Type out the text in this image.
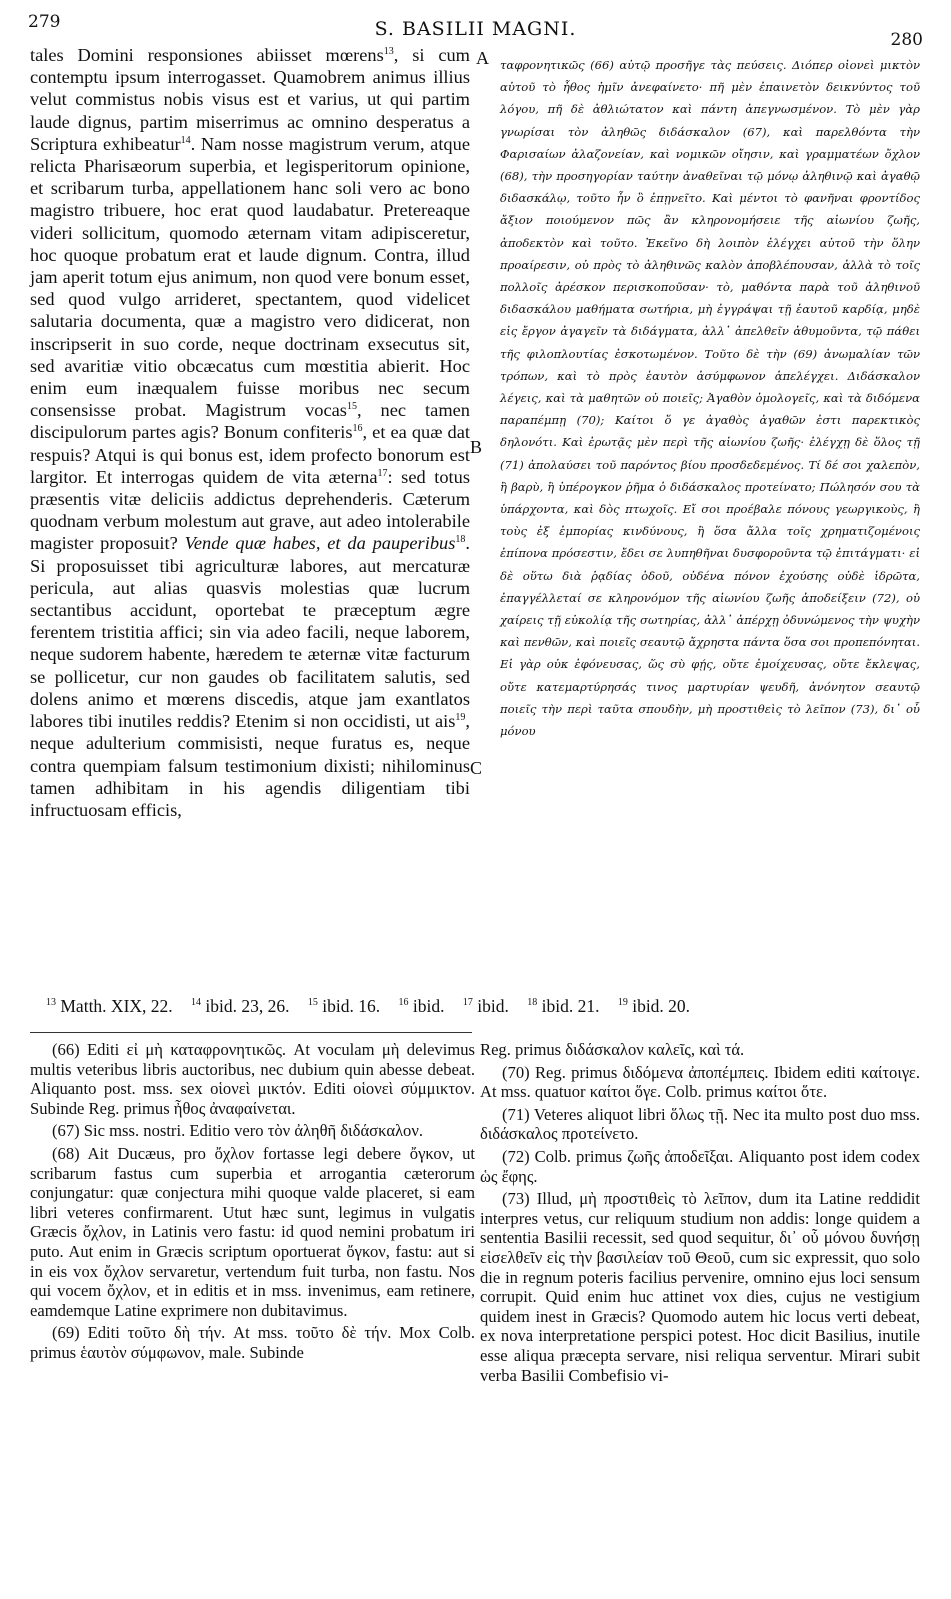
279	S. BASILII MAGNI.	280

tales Domini responsiones abiisset mœrens$^{13}$, si cum contemptu ipsum interrogasset. Quamobrem animus illius velut commistus nobis visus est et varius, ut qui partim laude dignus, partim miserrimus ac omnino desperatus a Scriptura exhibeatur$^{14}$. Nam nosse magistrum verum, atque relicta Pharisæorum superbia, et legisperitorum opinione, et scribarum turba, appellationem hanc soli vero ac bono magistro tribuere, hoc erat quod laudabatur. Pretereaque videri sollicitum, quomodo æternam vitam adipisceretur, hoc quoque probatum erat et laude dignum. Contra, illud jam aperit totum ejus animum, non quod vere bonum esset, sed quod vulgo arrideret, spectantem, quod videlicet salutaria documenta, quæ a magistro vero didicerat, non inscripserit in suo corde, neque doctrinam exsecutus sit, sed avaritiæ vitio obcæcatus cum mœstitia abierit. Hoc enim eum inæqualem fuisse moribus nec secum consensisse probat. Magistrum vocas$^{15}$, nec tamen discipulorum partes agis? Bonum confiteris$^{16}$, et ea quæ dat respuis? Atqui is qui bonus est, idem profecto bonorum est largitor. Et interrogas quidem de vita æterna$^{17}$: sed totus præsentis vitæ deliciis addictus deprehenderis. Cæterum quodnam verbum molestum aut grave, aut adeo intolerabile magister proposuit? Vende quæ habes, et da pauperibus$^{18}$. Si proposuisset tibi agriculturæ labores, aut mercaturæ pericula, aut alias quasvis molestias quæ lucrum sectantibus accidunt, oportebat te præceptum ægre ferentem tristitia affici; sin via adeo facili, neque laborem, neque sudorem habente, hæredem te æternæ vitæ facturum se pollicetur, cur non gaudes ob facilitatem salutis, sed dolens animo et mœrens discedis, atque jam exantlatos labores tibi inutiles reddis? Etenim si non occidisti, ut ais$^{19}$, neque adulterium commisisti, neque furatus es, neque contra quempiam falsum testimonium dixisti; nihilominus tamen adhibitam in his agendis diligentiam tibi infructuosam efficis,

A
B
C

ταφρονητικῶς (66) αὐτῷ προσῆγε τὰς πεύσεις. Διόπερ οἱονεὶ μικτὸν αὐτοῦ τὸ ἦθος ἡμῖν ἀνεφαίνετο· πῆ μὲν ἐπαινετὸν δεικνύντος τοῦ λόγου, πῆ δὲ ἀθλιώτατον καὶ πάντη ἀπεγνωσμένον. Τὸ μὲν γὰρ γνωρίσαι τὸν ἀληθῶς διδάσκαλον (67), καὶ παρελθόντα τὴν Φαρισαίων ἀλαζονείαν, καὶ νομικῶν οἴησιν, καὶ γραμματέων ὄχλον (68), τὴν προσηγορίαν ταύτην ἀναθεῖναι τῷ μόνῳ ἀληθινῷ καὶ ἀγαθῷ διδασκάλῳ, τοῦτο ἦν ὃ ἐπῃνεῖτο. Καὶ μέντοι τὸ φανῆναι φροντίδος ἄξιον ποιούμενον πῶς ἂν κληρονομήσειε τῆς αἰωνίου ζωῆς, ἀποδεκτὸν καὶ τοῦτο. Ἐκεῖνο δὴ λοιπὸν ἐλέγχει αὐτοῦ τὴν ὅλην προαίρεσιν, οὐ πρὸς τὸ ἀληθινῶς καλὸν ἀποβλέπουσαν, ἀλλὰ τὸ τοῖς πολλοῖς ἀρέσκον περισκοποῦσαν· τὸ, μαθόντα παρὰ τοῦ ἀληθινοῦ διδασκάλου μαθήματα σωτήρια, μὴ ἐγγράψαι τῇ ἑαυτοῦ καρδίᾳ, μηδὲ εἰς ἔργον ἀγαγεῖν τὰ διδάγματα, ἀλλ᾽ ἀπελθεῖν ἀθυμοῦντα, τῷ πάθει τῆς φιλοπλουτίας ἐσκοτωμένον. Τοῦτο δὲ τὴν (69) ἀνωμαλίαν τῶν τρόπων, καὶ τὸ πρὸς ἑαυτὸν ἀσύμφωνον ἀπελέγχει. Διδάσκαλον λέγεις, καὶ τὰ μαθητῶν οὐ ποιεῖς; Ἀγαθὸν ὁμολογεῖς, καὶ τὰ διδόμενα παραπέμπῃ (70); Καίτοι ὅ γε ἀγαθὸς ἀγαθῶν ἐστι παρεκτικὸς δηλονότι. Καὶ ἐρωτᾷς μὲν περὶ τῆς αἰωνίου ζωῆς· ἐλέγχῃ δὲ ὅλος τῇ (71) ἀπολαύσει τοῦ παρόντος βίου προσδεδεμένος. Τί δέ σοι χαλεπὸν, ἢ βαρὺ, ἢ ὑπέρογκον ῥῆμα ὁ διδάσκαλος προτείνατο; Πώλησόν σου τὰ ὑπάρχοντα, καὶ δὸς πτωχοῖς. Εἴ σοι προέβαλε πόνους γεωργικοὺς, ἢ τοὺς ἐξ ἐμπορίας κινδύνους, ἢ ὅσα ἄλλα τοῖς χρηματιζομένοις ἐπίπονα πρόσεστιν, ἔδει σε λυπηθῆναι δυσφοροῦντα τῷ ἐπιτάγματι· εἰ δὲ οὕτω διὰ ῥᾳδίας ὁδοῦ, οὐδένα πόνον ἐχούσης οὐδὲ ἱδρῶτα, ἐπαγγέλλεταί σε κληρονόμον τῆς αἰωνίου ζωῆς ἀποδείξειν (72), οὐ χαίρεις τῇ εὐκολίᾳ τῆς σωτηρίας, ἀλλ᾽ ἀπέρχῃ ὀδυνώμενος τὴν ψυχὴν καὶ πενθῶν, καὶ ποιεῖς σεαυτῷ ἄχρηστα πάντα ὅσα σοι προπεπόνηται. Εἰ γὰρ οὐκ ἐφόνευσας, ὥς σὺ φῄς, οὔτε ἐμοίχευσας, οὔτε ἔκλεψας, οὔτε κατεμαρτύρησάς τινος μαρτυρίαν ψευδῆ, ἀνόνητον σεαυτῷ ποιεῖς τὴν περὶ ταῦτα σπουδὴν, μὴ προστιθεὶς τὸ λεῖπον (73), δι᾽ οὗ μόνου

$^{13}$ Matth. XIX, 22. $^{14}$ ibid. 23, 26. $^{15}$ ibid. 16. $^{16}$ ibid. $^{17}$ ibid. $^{18}$ ibid. 21. $^{19}$ ibid. 20.

(66) Editi εἰ μὴ καταφρονητικῶς. At voculam μὴ delevimus multis veteribus libris auctoribus, nec dubium quin abesse debeat. Aliquanto post. mss. sex οἱονεὶ μικτόν. Editi οἱονεὶ σύμμικτον. Subinde Reg. primus ἦθος ἀναφαίνεται.

(67) Sic mss. nostri. Editio vero τὸν ἀληθῆ διδάσκαλον.

(68) Ait Ducæus, pro ὄχλον fortasse legi debere ὄγκον, ut scribarum fastus cum superbia et arrogantia cæterorum conjungatur: quæ conjectura mihi quoque valde placeret, si eam libri veteres confirmarent. Utut hæc sunt, legimus in vulgatis Græcis ὄχλον, in Latinis vero fastu: id quod nemini probatum iri puto. Aut enim in Græcis scriptum oportuerat ὄγκον, fastu: aut si in eis vox ὄχλον servaretur, vertendum fuit turba, non fastu. Nos qui vocem ὄχλον, et in editis et in mss. invenimus, eam retinere, eamdemque Latine exprimere non dubitavimus.

(69) Editi τοῦτο δὴ τήν. At mss. τοῦτο δὲ τήν. Mox Colb. primus ἑαυτὸν σύμφωνον, male. Subinde

Reg. primus διδάσκαλον καλεῖς, καὶ τά.

(70) Reg. primus διδόμενα ἀποπέμπεις. Ibidem editi καίτοιγε. At mss. quatuor καίτοι ὅγε. Colb. primus καίτοι ὅτε.

(71) Veteres aliquot libri ὅλως τῇ. Nec ita multo post duo mss. διδάσκαλος προτείνετο.

(72) Colb. primus ζωῆς ἀποδεῖξαι. Aliquanto post idem codex ὡς ἔφης.

(73) Illud, μὴ προστιθεὶς τὸ λεῖπον, dum ita Latine reddidit interpres vetus, cur reliquum studium non addis: longe quidem a sententia Basilii recessit, sed quod sequitur, δι᾽ οὗ μόνου δυνήσῃ εἰσελθεῖν εἰς τὴν βασιλείαν τοῦ Θεοῦ, cum sic expressit, quo solo die in regnum poteris facilius pervenire, omnino ejus loci sensum corrupit. Quid enim huc attinet vox dies, cujus ne vestigium quidem inest in Græcis? Quomodo autem hic locus verti debeat, ex nova interpretatione perspici potest. Hoc dicit Basilius, inutile esse aliqua præcepta servare, nisi reliqua serventur. Mirari subit verba Basilii Combefisio vi-
